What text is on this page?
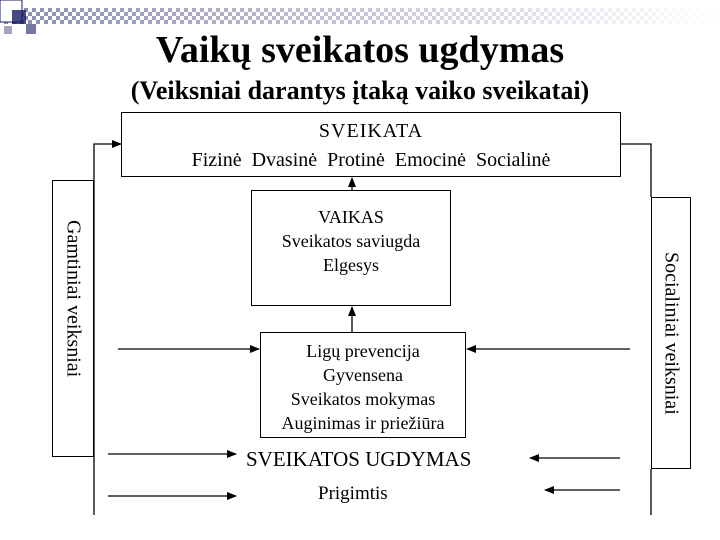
Vaikų sveikatos ugdymas
(Veiksniai darantys įtaką vaiko sveikatai)
SVEIKATA
Fizinė  Dvasinė  Protinė  Emocinė  Socialinė
VAIKAS
Sveikatos saviugda
Elgesys
Ligų prevencija
Gyvensena
Sveikatos mokymas
Auginimas ir priežiūra
Gamtiniai veiksniai	Socialiniai veiksniai
SVEIKATOS UGDYMAS
Prigimtis
